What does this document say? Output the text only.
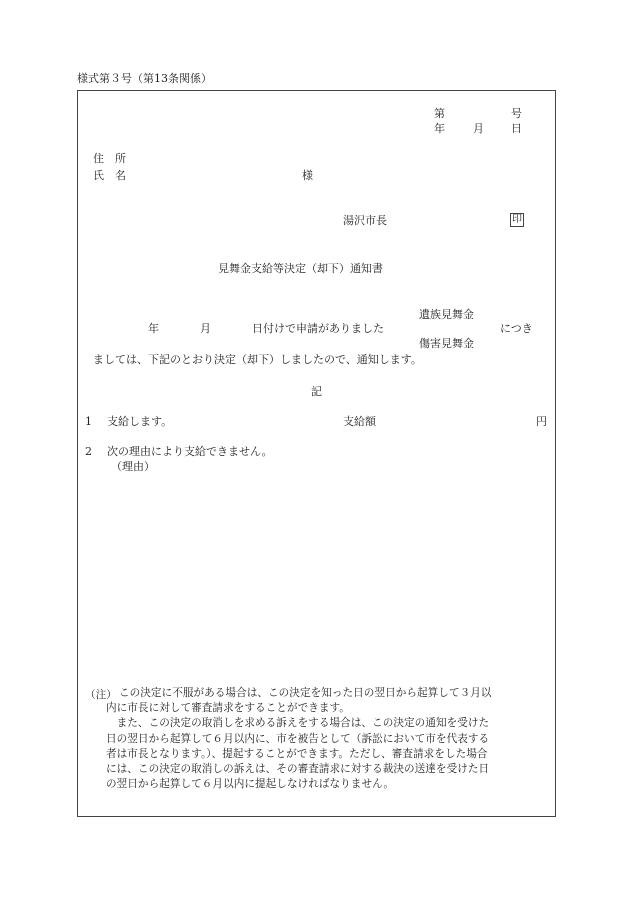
様式第３号（第13条関係）
第	号
年	月 日
住　所
氏　名	様
湯沢市長	印
見舞金支給等決定（却下）通知書
遺族見舞金
年	月	日付けで申請がありました	につき
傷害見舞金
ましては、下記のとおり決定（却下）しましたので、通知します。
記
1 支給します。	支給額	円
2 次の理由により支給できません。
（理由）
（注） この決定に不服がある場合は、この決定を知った日の翌日から起算して３月以
内に市長に対して審査請求をすることができます。
　また、この決定の取消しを求める訴えをする場合は、この決定の通知を受けた
日の翌日から起算して６月以内に、市を被告として（訴訟において市を代表する
者は市長となります。）、提起することができます。ただし、審査請求をした場合
には、この決定の取消しの訴えは、その審査請求に対する裁決の送達を受けた日
の翌日から起算して６月以内に提起しなければなりません。
